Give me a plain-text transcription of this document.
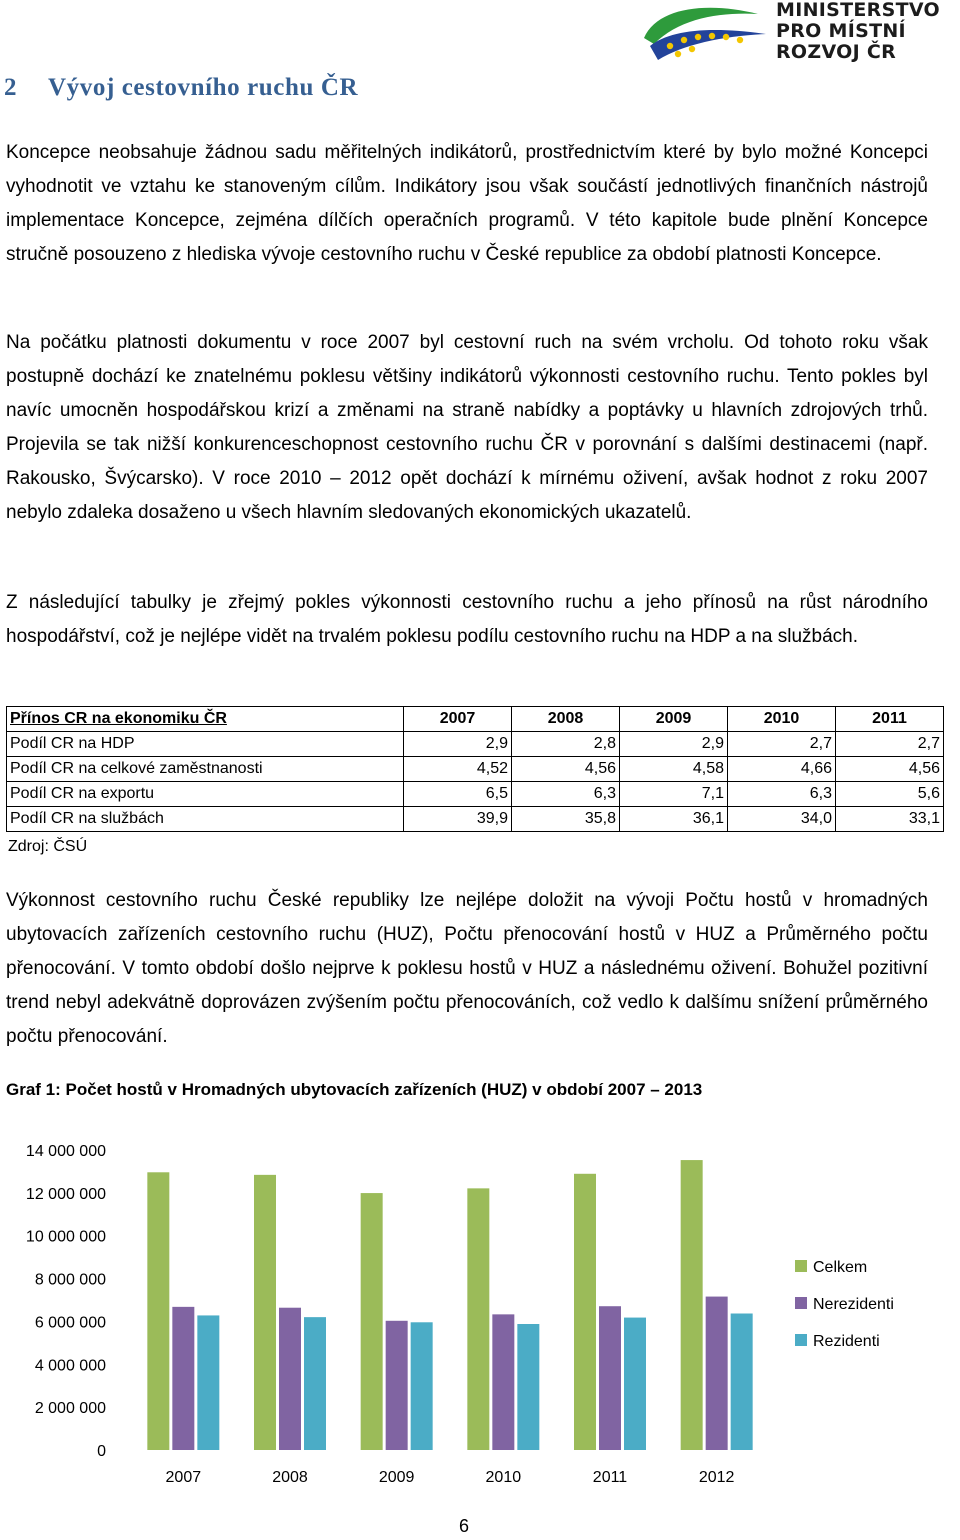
MINISTERSTVO
PRO MÍSTNÍ
ROZVOJ ČR
2 Vývoj cestovního ruchu ČR

Koncepce neobsahuje žádnou sadu měřitelných indikátorů, prostřednictvím které by bylo možné Koncepci vyhodnotit ve vztahu ke stanoveným cílům. Indikátory jsou však součástí jednotlivých finančních nástrojů implementace Koncepce, zejména dílčích operačních programů. V této kapitole bude plnění Koncepce stručně posouzeno z hlediska vývoje cestovního ruchu v České republice za období platnosti Koncepce.

Na počátku platnosti dokumentu v roce 2007 byl cestovní ruch na svém vrcholu. Od tohoto roku však postupně dochází ke znatelnému poklesu většiny indikátorů výkonnosti cestovního ruchu. Tento pokles byl navíc umocněn hospodářskou krizí a změnami na straně nabídky a poptávky u hlavních zdrojových trhů. Projevila se tak nižší konkurenceschopnost cestovního ruchu ČR v porovnání s dalšími destinacemi (např. Rakousko, Švýcarsko). V roce 2010 – 2012 opět dochází k mírnému oživení, avšak hodnot z roku 2007 nebylo zdaleka dosaženo u všech hlavním sledovaných ekonomických ukazatelů.

Z následující tabulky je zřejmý pokles výkonnosti cestovního ruchu a jeho přínosů na růst národního hospodářství, což je nejlépe vidět na trvalém poklesu podílu cestovního ruchu na HDP a na službách.

Přínos CR na ekonomiku ČR	2007	2008	2009	2010	2011
Podíl CR na HDP	2,9	2,8	2,9	2,7	2,7
Podíl CR na celkové zaměstnanosti	4,52	4,56	4,58	4,66	4,56
Podíl CR na exportu	6,5	6,3	7,1	6,3	5,6
Podíl CR na službách	39,9	35,8	36,1	34,0	33,1
Zdroj: ČSÚ

Výkonnost cestovního ruchu České republiky lze nejlépe doložit na vývoji Počtu hostů v hromadných ubytovacích zařízeních cestovního ruchu (HUZ), Počtu přenocování hostů v HUZ a Průměrného počtu přenocování. V tomto období došlo nejprve k poklesu hostů v HUZ a následnému oživení. Bohužel pozitivní trend nebyl adekvátně doprovázen zvýšením počtu přenocováních, což vedlo k dalšímu snížení průměrného počtu přenocování.

Graf 1: Počet hostů v Hromadných ubytovacích zařízeních (HUZ) v období 2007 – 2013
0
2 000 000
4 000 000
6 000 000
8 000 000
10 000 000
12 000 000
14 000 000
2007	2008	2009	2010	2011	2012
Celkem
Nerezidenti
Rezidenti
6
